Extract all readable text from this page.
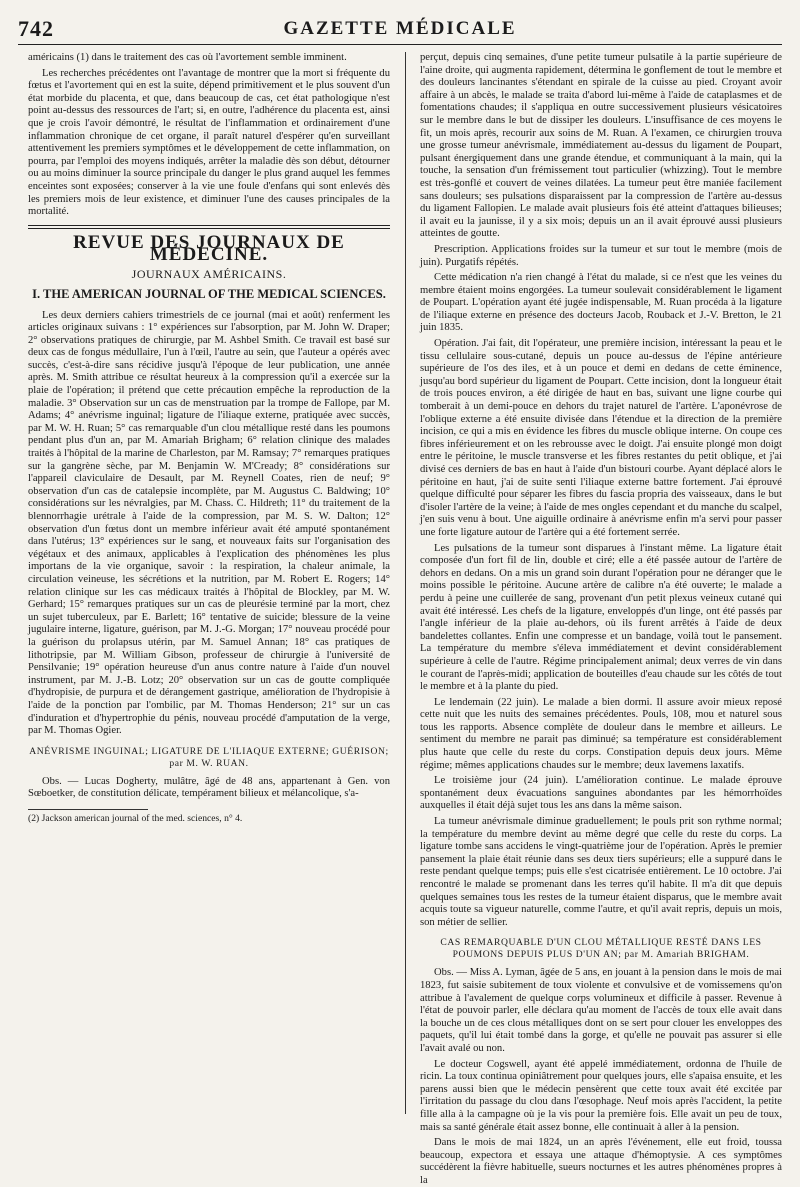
742	GAZETTE MÉDICALE

américains (1) dans le traitement des cas où l'avortement semble imminent.

Les recherches précédentes ont l'avantage de montrer que la mort si fréquente du fœtus et l'avortement qui en est la suite, dépend primitivement et le plus souvent d'un état morbide du placenta, et que, dans beaucoup de cas, cet état pathologique n'est point au-dessus des ressources de l'art; si, en outre, l'adhérence du placenta est, ainsi que je crois l'avoir démontré, le résultat de l'inflammation et ordinairement d'une inflammation chronique de cet organe, il paraît naturel d'espérer qu'en surveillant attentivement les premiers symptômes et le développement de cette inflammation, on pourra, par l'emploi des moyens indiqués, arrêter la maladie dès son début, détourner ou au moins diminuer la source principale du danger le plus grand auquel les femmes enceintes sont exposées; conserver à la vie une foule d'enfans qui sont enlevés dès les premiers mois de leur existence, et diminuer l'une des causes principales de la mortalité.

REVUE DES JOURNAUX DE MÉDECINE.
JOURNAUX AMÉRICAINS.
I. THE AMERICAN JOURNAL OF THE MEDICAL SCIENCES.

Les deux derniers cahiers trimestriels de ce journal (mai et août) renferment les articles originaux suivans : 1° expériences sur l'absorption, par M. John W. Draper; 2° observations pratiques de chirurgie, par M. Ashbel Smith. Ce travail est basé sur deux cas de fongus médullaire, l'un à l'œil, l'autre au sein, que l'auteur a opérés avec succès, c'est-à-dire sans récidive jusqu'à l'époque de leur publication, une année après. M. Smith attribue ce résultat heureux à la compression qu'il a exercée sur la plaie de l'opération; il prétend que cette précaution empêche la reproduction de la maladie. 3° Observation sur un cas de menstruation par la trompe de Fallope, par M. Adams; 4° anévrisme inguinal; ligature de l'iliaque externe, pratiquée avec succès, par M. W. H. Ruan; 5° cas remarquable d'un clou métallique resté dans les poumons pendant plus d'un an, par M. Amariah Brigham; 6° relation clinique des malades traités à l'hôpital de la marine de Charleston, par M. Ramsay; 7° remarques pratiques sur la gangrène sèche, par M. Benjamin W. M'Cready; 8° considérations sur l'appareil claviculaire de Desault, par M. Reynell Coates, rien de neuf; 9° observation d'un cas de catalepsie incomplète, par M. Augustus C. Baldwing; 10° considérations sur les névralgies, par M. Chass. C. Hildreth; 11° du traitement de la blennorrhagie urétrale à l'aide de la compression, par M. S. W. Dalton; 12° observation d'un fœtus dont un membre inférieur avait été amputé spontanément dans l'utérus; 13° expériences sur le sang, et nouveaux faits sur l'organisation des végétaux et des animaux, applicables à l'explication des phénomènes les plus importans de la vie organique, savoir : la respiration, la chaleur animale, la circulation veineuse, les sécrétions et la nutrition, par M. Robert E. Rogers; 14° relation clinique sur les cas médicaux traités à l'hôpital de Blockley, par M. W. Gerhard; 15° remarques pratiques sur un cas de pleurésie terminé par la mort, chez un sujet tuberculeux, par E. Barlett; 16° tentative de suicide; blessure de la veine jugulaire interne, ligature, guérison, par M. J.-G. Morgan; 17° nouveau procédé pour la guérison du prolapsus utérin, par M. Samuel Annan; 18° cas pratiques de lithotripsie, par M. William Gibson, professeur de chirurgie à l'université de Pensilvanie; 19° opération heureuse d'un anus contre nature à l'aide d'un nouvel instrument, par M. J.-B. Lotz; 20° observation sur un cas de goutte compliquée d'hydropisie, de purpura et de dérangement gastrique, amélioration de l'hydropisie à l'aide de la ponction par l'ombilic, par M. Thomas Henderson; 21° sur un cas d'induration et d'hypertrophie du pénis, nouveau procédé d'amputation de la verge, par M. Thomas Ogier.

ANÉVRISME INGUINAL; LIGATURE DE L'ILIAQUE EXTERNE; GUÉRISON; par M. W. RUAN.

Obs. — Lucas Dogherty, mulâtre, âgé de 48 ans, appartenant à Gen. von Sœboetker, de constitution délicate, tempérament bilieux et mélancolique, s'a-

(2) Jackson american journal of the med. sciences, n° 4.

perçut, depuis cinq semaines, d'une petite tumeur pulsatile à la partie supérieure de l'aine droite, qui augmenta rapidement, détermina le gonflement de tout le membre et des douleurs lancinantes s'étendant en spirale de la cuisse au pied. Croyant avoir affaire à un abcès, le malade se traita d'abord lui-même à l'aide de cataplasmes et de fomentations chaudes; il s'appliqua en outre successivement plusieurs vésicatoires sur le membre dans le but de dissiper les douleurs. L'insuffisance de ces moyens le fit, un mois après, recourir aux soins de M. Ruan. A l'examen, ce chirurgien trouva une grosse tumeur anévrismale, immédiatement au-dessus du ligament de Poupart, pulsant énergiquement dans une grande étendue, et communiquant à la main, qui la touche, la sensation d'un frémissement tout particulier (whizzing). Tout le membre est très-gonflé et couvert de veines dilatées. La tumeur peut être maniée facilement sans douleurs; ses pulsations disparaissent par la compression de l'artère au-dessus du ligament Fallopien. Le malade avait plusieurs fois été atteint d'attaques bilieuses; il avait eu la jaunisse, il y a six mois; depuis un an il avait éprouvé aussi plusieurs atteintes de goutte.

Prescription. Applications froides sur la tumeur et sur tout le membre (mois de juin). Purgatifs répétés.

Cette médication n'a rien changé à l'état du malade, si ce n'est que les veines du membre étaient moins engorgées. La tumeur soulevait considérablement le ligament de Poupart. L'opération ayant été jugée indispensable, M. Ruan procéda à la ligature de l'iliaque externe en présence des docteurs Jacob, Rouback et J.-V. Bretton, le 21 juin 1835.

Opération. J'ai fait, dit l'opérateur, une première incision, intéressant la peau et le tissu cellulaire sous-cutané, depuis un pouce au-dessus de l'épine antérieure supérieure de l'os des iles, et à un pouce et demi en dedans de cette éminence, jusqu'au bord supérieur du ligament de Poupart. Cette incision, dont la longueur était de trois pouces environ, a été dirigée de haut en bas, suivant une ligne courbe qui tomberait à un demi-pouce en dehors du trajet naturel de l'artère. L'aponévrose de l'oblique externe a été ensuite divisée dans l'étendue et la direction de la première incision, ce qui a mis en évidence les fibres du muscle oblique interne. On coupe ces fibres inférieurement et on les rebrousse avec le doigt. J'ai ensuite plongé mon doigt entre le péritoine, le muscle transverse et les fibres restantes du petit oblique, et j'ai divisé ces derniers de bas en haut à l'aide d'un bistouri courbe. Ayant déplacé alors le péritoine en haut, j'ai de suite senti l'iliaque externe battre fortement. J'ai éprouvé quelque difficulté pour séparer les fibres du fascia propria des vaisseaux, dans le but d'isoler l'artère de la veine; à l'aide de mes ongles cependant et du manche du scalpel, j'en suis venu à bout. Une aiguille ordinaire à anévrisme enfin m'a servi pour passer une forte ligature autour de l'artère qui a été fortement serrée.

Les pulsations de la tumeur sont disparues à l'instant même. La ligature était composée d'un fort fil de lin, double et ciré; elle a été passée autour de l'artère de dehors en dedans. On a mis un grand soin durant l'opération pour ne déranger que le moins possible le péritoine. Aucune artère de calibre n'a été ouverte; le malade a perdu à peine une cuillerée de sang, provenant d'un petit plexus veineux cutané qui avait été intéressé. Les chefs de la ligature, enveloppés d'un linge, ont été passés par l'angle inférieur de la plaie au-dehors, où ils furent arrêtés à l'aide de deux bandelettes collantes. Enfin une compresse et un bandage, voilà tout le pansement. La température du membre s'éleva immédiatement et devint considérablement supérieure à celle de l'autre. Régime principalement animal; deux verres de vin dans le courant de l'après-midi; application de bouteilles d'eau chaude sur les côtés de tout le membre et à la plante du pied.

Le lendemain (22 juin). Le malade a bien dormi. Il assure avoir mieux reposé cette nuit que les nuits des semaines précédentes. Pouls, 108, mou et naturel sous tous les rapports. Absence complète de douleur dans le membre et ailleurs. Le sentiment du membre ne parait pas diminué; sa température est considérablement plus haute que celle du reste du corps. Constipation depuis deux jours. Même régime; mêmes applications chaudes sur le membre; deux lavemens laxatifs.

Le troisième jour (24 juin). L'amélioration continue. Le malade éprouve spontanément deux évacuations sanguines abondantes par les hémorrhoïdes auxquelles il était déjà sujet tous les ans dans la même saison.

La tumeur anévrismale diminue graduellement; le pouls prit son rythme normal; la température du membre devint au même degré que celle du reste du corps. La ligature tombe sans accidens le vingt-quatrième jour de l'opération. Après le premier pansement la plaie était réunie dans ses deux tiers supérieurs; elle a suppuré dans le reste pendant quelque temps; puis elle s'est cicatrisée entièrement. Le 10 octobre. J'ai rencontré le malade se promenant dans les terres qu'il habite. Il m'a dit que depuis quelques semaines tous les restes de la tumeur étaient disparus, que le membre avait acquis toute sa vigueur naturelle, comme l'autre, et qu'il avait repris, depuis un mois, son métier de sellier.

CAS REMARQUABLE D'UN CLOU MÉTALLIQUE RESTÉ DANS LES POUMONS DEPUIS PLUS D'UN AN; par M. Amariah BRIGHAM.

Obs. — Miss A. Lyman, âgée de 5 ans, en jouant à la pension dans le mois de mai 1823, fut saisie subitement de toux violente et convulsive et de vomissemens qu'on attribue à l'avalement de quelque corps volumineux et difficile à passer. Revenue à l'état de pouvoir parler, elle déclara qu'au moment de l'accès de toux elle avait dans la bouche un de ces clous métalliques dont on se sert pour clouer les enveloppes des paquets, qu'il lui était tombé dans la gorge, et qu'elle ne pouvait pas assurer si elle l'avait avalé ou non.

Le docteur Cogswell, ayant été appelé immédiatement, ordonna de l'huile de ricin. La toux continua opiniâtrement pour quelques jours, elle s'apaisa ensuite, et les parens aussi bien que le médecin pensèrent que cette toux avait été excitée par l'irritation du passage du clou dans l'œsophage. Neuf mois après l'accident, la petite fille alla à la campagne où je la vis pour la première fois. Elle avait un peu de toux, mais sa santé générale était assez bonne, elle continuait à aller à la pension.

Dans le mois de mai 1824, un an après l'événement, elle eut froid, toussa beaucoup, expectora et essaya une attaque d'hémoptysie. A ces symptômes succédèrent la fièvre habituelle, sueurs nocturnes et les autres phénomènes propres à la
